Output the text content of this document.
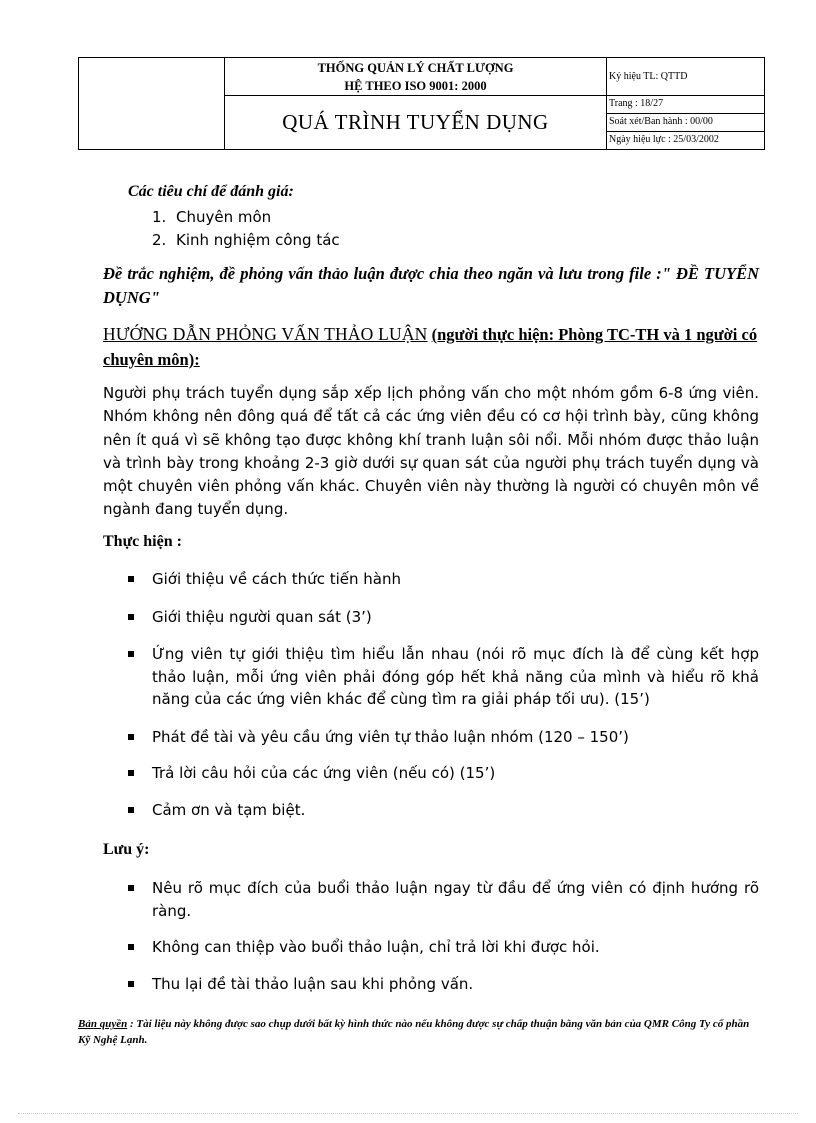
	THỐNG QUẢN LÝ CHẤT LƯỢNG
HỆ THEO ISO 9001: 2000	Ký hiệu TL: QTTD
	QUÁ TRÌNH TUYỂN DỤNG	Trang : 18/27
Soát xét/Ban hành : 00/00
Ngày hiệu lực : 25/03/2002
Các tiêu chí để đánh giá:
1. Chuyên môn
2. Kinh nghiệm công tác
Đề trắc nghiệm, đề phỏng vấn thảo luận được chia theo ngăn và lưu trong file :" ĐỀ TUYỂN DỤNG"
HƯỚNG DẪN PHỎNG VẤN THẢO LUẬN (người thực hiện: Phòng TC-TH và 1 người có chuyên môn):
Người phụ trách tuyển dụng sắp xếp lịch phỏng vấn cho một nhóm gồm 6-8 ứng viên. Nhóm không nên đông quá để tất cả các ứng viên đều có cơ hội trình bày, cũng không nên ít quá vì sẽ không tạo được không khí tranh luận sôi nổi. Mỗi nhóm được thảo luận và trình bày trong khoảng 2-3 giờ dưới sự quan sát của người phụ trách tuyển dụng và một chuyên viên phỏng vấn khác. Chuyên viên này thường là người có chuyên môn về ngành đang tuyển dụng.
Thực hiện :
Giới thiệu về cách thức tiến hành
Giới thiệu người quan sát (3’)
Ứng viên tự giới thiệu tìm hiểu lẫn nhau (nói rõ mục đích là để cùng kết hợp thảo luận, mỗi ứng viên phải đóng góp hết khả năng của mình và hiểu rõ khả năng của các ứng viên khác để cùng tìm ra giải pháp tối ưu). (15’)
Phát đề tài và yêu cầu ứng viên tự thảo luận nhóm (120 – 150’)
Trả lời câu hỏi của các ứng viên (nếu có) (15’)
Cảm ơn và tạm biệt.
Lưu ý:
Nêu rõ mục đích của buổi thảo luận ngay từ đầu để ứng viên có định hướng rõ ràng.
Không can thiệp vào buổi thảo luận, chỉ trả lời khi được hỏi.
Thu lại đề tài thảo luận sau khi phỏng vấn.
Bản quyền : Tài liệu này không được sao chụp dưới bất kỳ hình thức nào nếu không được sự chấp thuận bằng văn bản của QMR Công Ty cổ phần Kỹ Nghệ Lạnh.
